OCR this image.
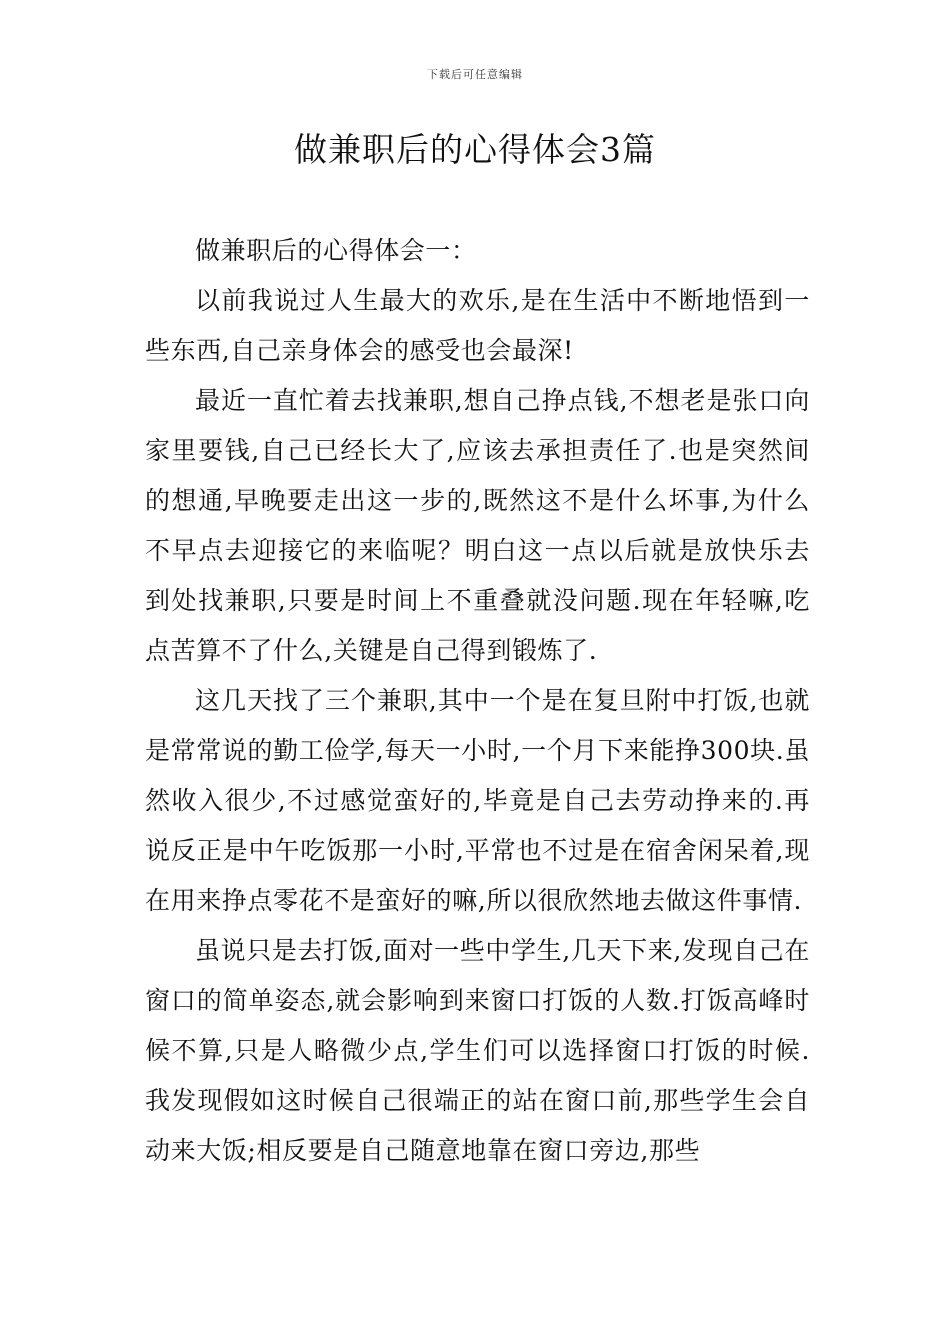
下载后可任意编辑
做兼职后的心得体会3篇

做兼职后的心得体会一：

以前我说过人生最大的欢乐,是在生活中不断地悟到一些东西,自己亲身体会的感受也会最深!

最近一直忙着去找兼职,想自己挣点钱,不想老是张口向家里要钱,自己已经长大了,应该去承担责任了.也是突然间的想通,早晚要走出这一步的,既然这不是什么坏事,为什么不早点去迎接它的来临呢？明白这一点以后就是放快乐去到处找兼职,只要是时间上不重叠就没问题.现在年轻嘛,吃点苦算不了什么,关键是自己得到锻炼了.

这几天找了三个兼职,其中一个是在复旦附中打饭,也就是常常说的勤工俭学,每天一小时,一个月下来能挣300块.虽然收入很少,不过感觉蛮好的,毕竟是自己去劳动挣来的.再说反正是中午吃饭那一小时,平常也不过是在宿舍闲呆着,现在用来挣点零花不是蛮好的嘛,所以很欣然地去做这件事情.

虽说只是去打饭,面对一些中学生,几天下来,发现自己在窗口的简单姿态,就会影响到来窗口打饭的人数.打饭高峰时候不算,只是人略微少点,学生们可以选择窗口打饭的时候.我发现假如这时候自己很端正的站在窗口前,那些学生会自动来大饭;相反要是自己随意地靠在窗口旁边,那些
